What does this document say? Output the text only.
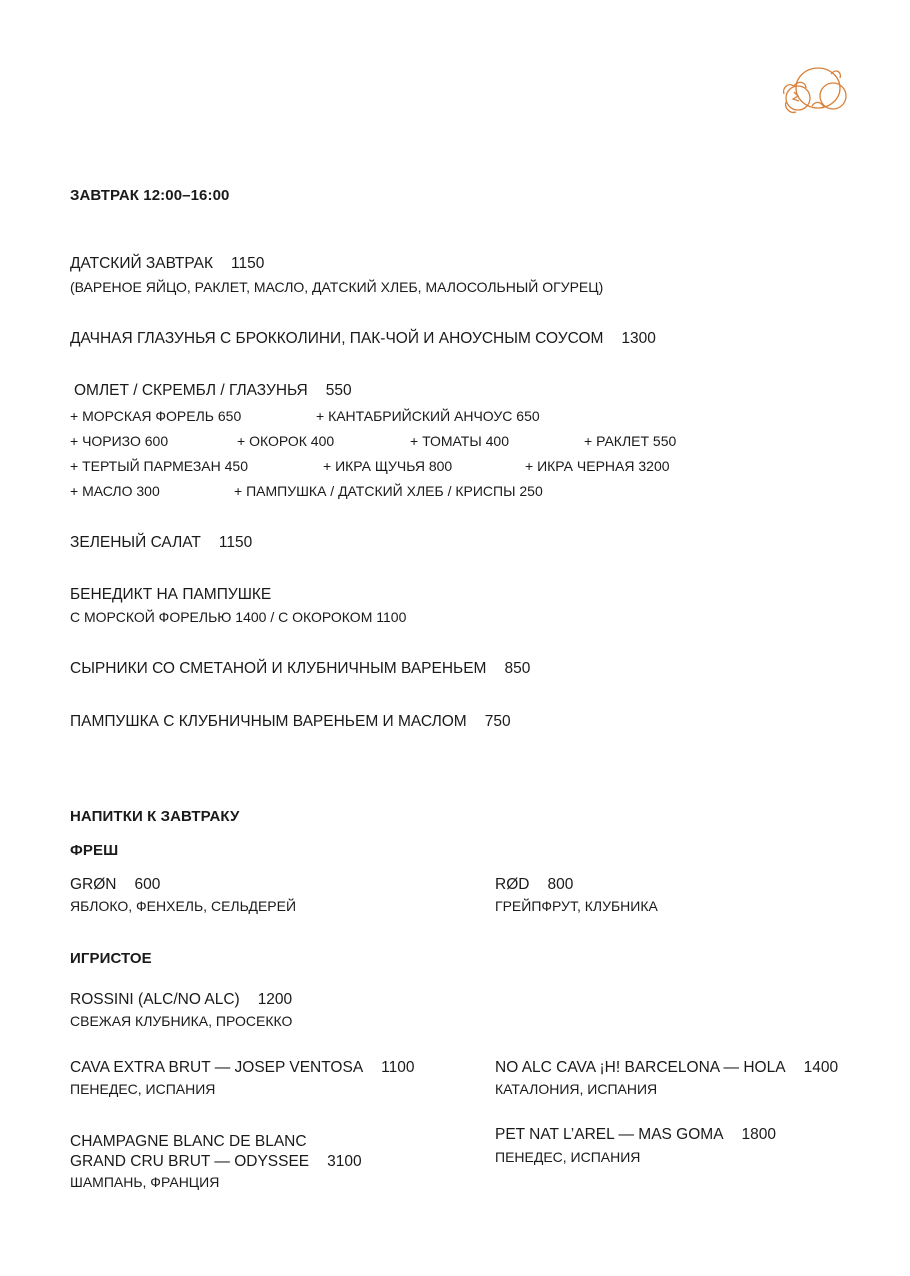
ЗАВТРАК 12:00–16:00
ДАТСКИЙ ЗАВТРАК 1150
(ВАРЕНОЕ ЯЙЦО, РАКЛЕТ, МАСЛО, ДАТСКИЙ ХЛЕБ, МАЛОСОЛЬНЫЙ ОГУРЕЦ)
ДАЧНАЯ ГЛАЗУНЬЯ С БРОККОЛИНИ, ПАК-ЧОЙ И АНОУСНЫМ СОУСОМ 1300
ОМЛЕТ / СКРЕМБЛ / ГЛАЗУНЬЯ 550
+ МОРСКАЯ ФОРЕЛЬ 650	+ КАНТАБРИЙСКИЙ АНЧОУС 650
+ ЧОРИЗО 600	+ ОКОРОК 400	+ ТОМАТЫ 400	+ РАКЛЕТ 550
+ ТЕРТЫЙ ПАРМЕЗАН 450	+ ИКРА ЩУЧЬЯ 800	+ ИКРА ЧЕРНАЯ 3200
+ МАСЛО 300	+ ПАМПУШКА / ДАТСКИЙ ХЛЕБ / КРИСПЫ 250
ЗЕЛЕНЫЙ САЛАТ 1150
БЕНЕДИКТ НА ПАМПУШКЕ
С МОРСКОЙ ФОРЕЛЬЮ 1400 / С ОКОРОКОМ 1100
СЫРНИКИ СО СМЕТАНОЙ И КЛУБНИЧНЫМ ВАРЕНЬЕМ 850
ПАМПУШКА С КЛУБНИЧНЫМ ВАРЕНЬЕМ И МАСЛОМ 750
НАПИТКИ К ЗАВТРАКУ
ФРЕШ
GRØN 600
ЯБЛОКО, ФЕНХЕЛЬ, СЕЛЬДЕРЕЙ
RØD 800
ГРЕЙПФРУТ, КЛУБНИКА
ИГРИСТОЕ
ROSSINI (ALC/NO ALC) 1200
СВЕЖАЯ КЛУБНИКА, ПРОСЕККО
CAVA EXTRA BRUT — JOSEP VENTOSA 1100
ПЕНЕДЕС, ИСПАНИЯ
NO ALC CAVA ¡H! BARCELONA — HOLA 1400
КАТАЛОНИЯ, ИСПАНИЯ
CHAMPAGNE BLANC DE BLANC
GRAND CRU BRUT — ODYSSEE 3100
ШАМПАНЬ, ФРАНЦИЯ
PET NAT L’AREL — MAS GOMA 1800
ПЕНЕДЕС, ИСПАНИЯ
